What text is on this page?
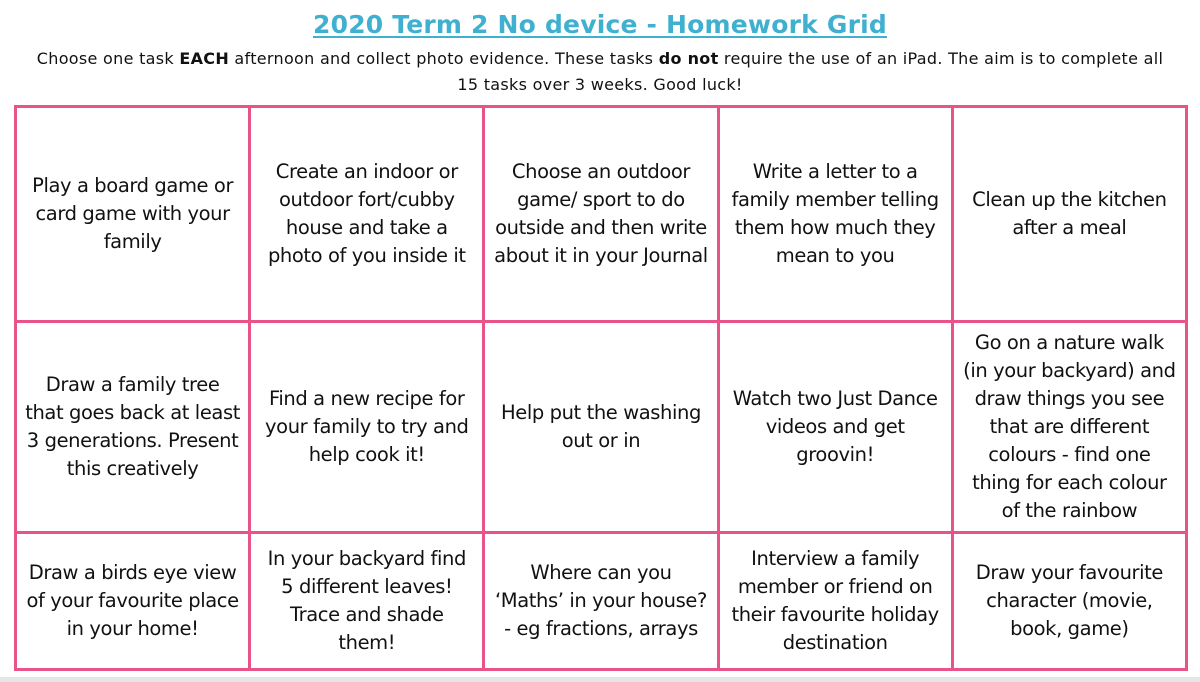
2020 Term 2 No device - Homework Grid
Choose one task EACH afternoon and collect photo evidence. These tasks do not require the use of an iPad. The aim is to complete all 15 tasks over 3 weeks. Good luck!
Play a board game or card game with your family	Create an indoor or outdoor fort/cubby house and take a photo of you inside it	Choose an outdoor game/ sport to do outside and then write about it in your Journal	Write a letter to a family member telling them how much they mean to you	Clean up the kitchen after a meal
Draw a family tree that goes back at least 3 generations. Present this creatively	Find a new recipe for your family to try and help cook it!	Help put the washing out or in	Watch two Just Dance videos and get groovin!	Go on a nature walk (in your backyard) and draw things you see that are different colours - find one thing for each colour of the rainbow
Draw a birds eye view of your favourite place in your home!	In your backyard find 5 different leaves! Trace and shade them!	Where can you ‘Maths’ in your house?- eg fractions, arrays	Interview a family member or friend on their favourite holiday destination	Draw your favourite character (movie, book, game)
